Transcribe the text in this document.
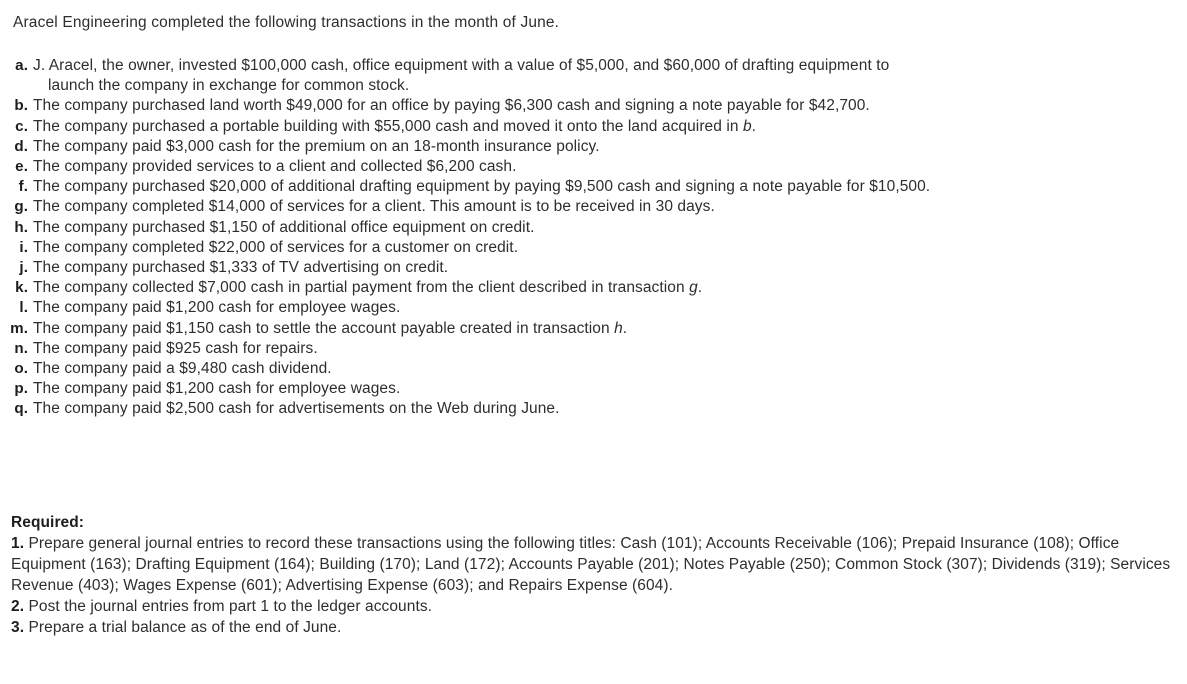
Aracel Engineering completed the following transactions in the month of June.
a. J. Aracel, the owner, invested $100,000 cash, office equipment with a value of $5,000, and $60,000 of drafting equipment to
launch the company in exchange for common stock.
b. The company purchased land worth $49,000 for an office by paying $6,300 cash and signing a note payable for $42,700.
c. The company purchased a portable building with $55,000 cash and moved it onto the land acquired in b.
d. The company paid $3,000 cash for the premium on an 18-month insurance policy.
e. The company provided services to a client and collected $6,200 cash.
f. The company purchased $20,000 of additional drafting equipment by paying $9,500 cash and signing a note payable for $10,500.
g. The company completed $14,000 of services for a client. This amount is to be received in 30 days.
h. The company purchased $1,150 of additional office equipment on credit.
i. The company completed $22,000 of services for a customer on credit.
j. The company purchased $1,333 of TV advertising on credit.
k. The company collected $7,000 cash in partial payment from the client described in transaction g.
l. The company paid $1,200 cash for employee wages.
m. The company paid $1,150 cash to settle the account payable created in transaction h.
n. The company paid $925 cash for repairs.
o. The company paid a $9,480 cash dividend.
p. The company paid $1,200 cash for employee wages.
q. The company paid $2,500 cash for advertisements on the Web during June.
Required:
1. Prepare general journal entries to record these transactions using the following titles: Cash (101); Accounts Receivable (106); Prepaid Insurance (108); Office Equipment (163); Drafting Equipment (164); Building (170); Land (172); Accounts Payable (201); Notes Payable (250); Common Stock (307); Dividends (319); Services Revenue (403); Wages Expense (601); Advertising Expense (603); and Repairs Expense (604).
2. Post the journal entries from part 1 to the ledger accounts.
3. Prepare a trial balance as of the end of June.
